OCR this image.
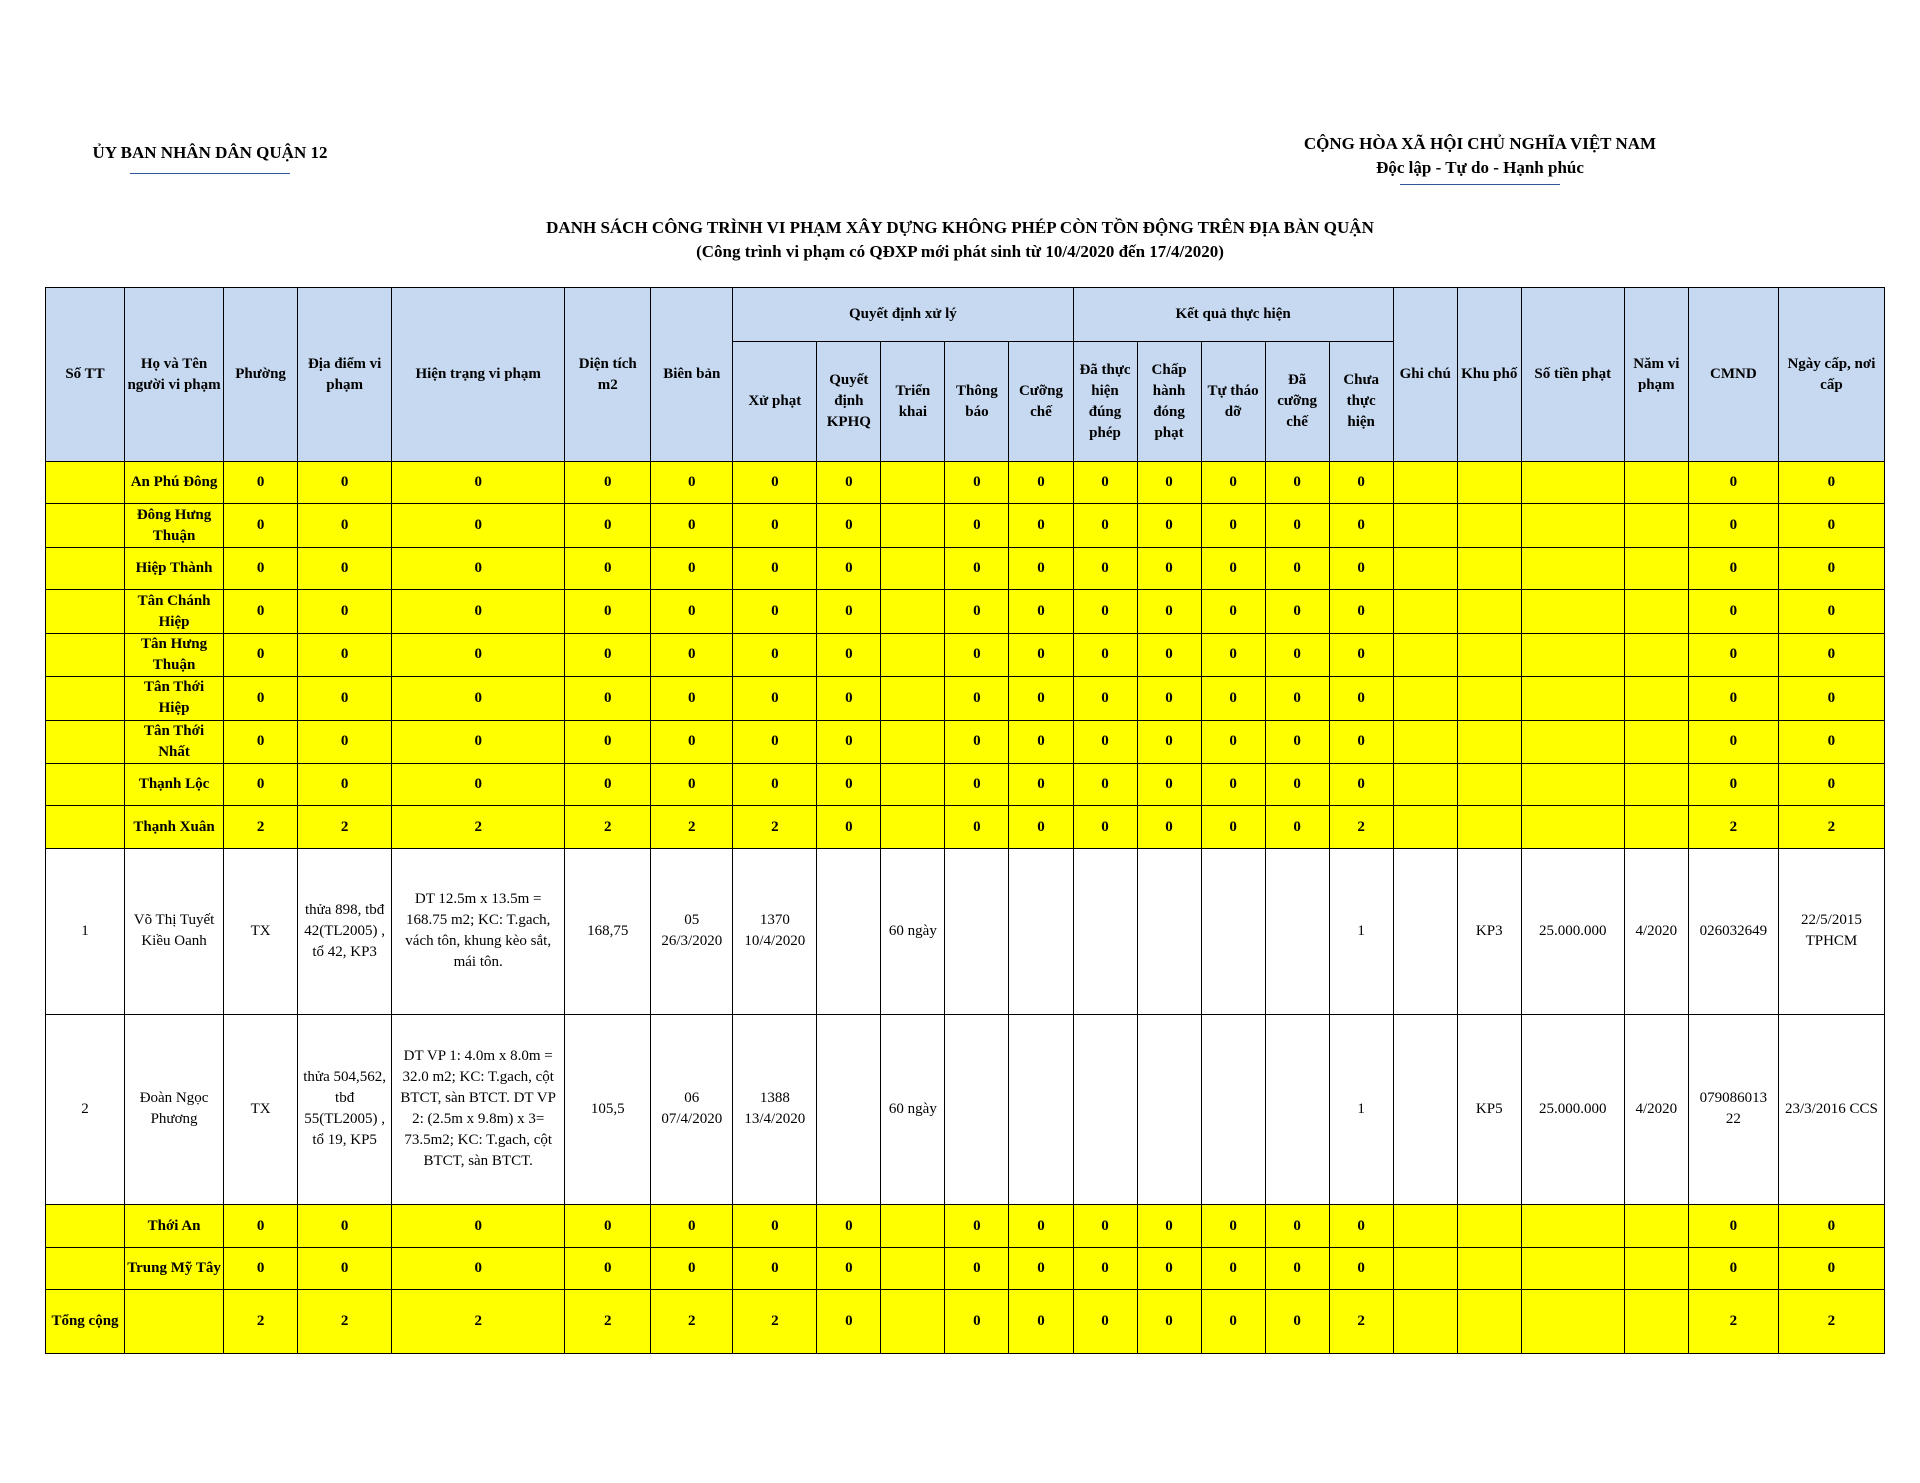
ỦY BAN NHÂN DÂN QUẬN 12	CỘNG HÒA XÃ HỘI CHỦ NGHĨA VIỆT NAM
Độc lập - Tự do - Hạnh phúc
DANH SÁCH CÔNG TRÌNH VI PHẠM XÂY DỰNG KHÔNG PHÉP CÒN TỒN ĐỘNG TRÊN ĐỊA BÀN QUẬN
(Công trình vi phạm có QĐXP mới phát sinh từ 10/4/2020 đến 17/4/2020)
Số TT	Họ và Tên người vi phạm	Phường	Địa điểm vi phạm	Hiện trạng vi phạm	Diện tích m2	Biên bản	Quyết định xử lý					Kết quả thực hiện					Ghi chú	Khu phố	Số tiền phạt	Năm vi phạm	CMND	Ngày cấp, nơi cấp
							Xử phạt	Quyết định KPHQ	Triển khai	Thông báo	Cưỡng chế	Đã thực hiện đúng phép	Chấp hành đóng phạt	Tự tháo dỡ	Đã cưỡng chế	Chưa thực hiện						
	An Phú Đông	0	0	0	0	0	0	0		0	0	0	0	0	0	0					0	0
	Đông Hưng Thuận	0	0	0	0	0	0	0		0	0	0	0	0	0	0					0	0
	Hiệp Thành	0	0	0	0	0	0	0		0	0	0	0	0	0	0					0	0
	Tân Chánh Hiệp	0	0	0	0	0	0	0		0	0	0	0	0	0	0					0	0
	Tân Hưng Thuận	0	0	0	0	0	0	0		0	0	0	0	0	0	0					0	0
	Tân Thới Hiệp	0	0	0	0	0	0	0		0	0	0	0	0	0	0					0	0
	Tân Thới Nhất	0	0	0	0	0	0	0		0	0	0	0	0	0	0					0	0
	Thạnh Lộc	0	0	0	0	0	0	0		0	0	0	0	0	0	0					0	0
	Thạnh Xuân	2	2	2	2	2	2	0		0	0	0	0	0	0	2					2	2
1	Võ Thị Tuyết Kiều Oanh	TX	thửa 898, tbđ 42(TL2005) , tổ 42, KP3	DT 12.5m x 13.5m = 168.75 m2; KC: T.gach, vách tôn, khung kèo sắt, mái tôn.	168,75	05 26/3/2020	1370 10/4/2020		60 ngày							1		KP3	25.000.000	4/2020	026032649	22/5/2015 TPHCM
2	Đoàn Ngọc Phương	TX	thửa 504,562, tbđ 55(TL2005) , tổ 19, KP5	DT VP 1: 4.0m x 8.0m = 32.0 m2; KC: T.gach, cột BTCT, sàn BTCT. DT VP 2: (2.5m x 9.8m) x 3= 73.5m2; KC: T.gach, cột BTCT, sàn BTCT.	105,5	06 07/4/2020	1388 13/4/2020		60 ngày							1		KP5	25.000.000	4/2020	079086013 22	23/3/2016 CCS
	Thới An	0	0	0	0	0	0	0		0	0	0	0	0	0	0					0	0
	Trung Mỹ Tây	0	0	0	0	0	0	0		0	0	0	0	0	0	0					0	0
Tổng cộng		2	2	2	2	2	2	0		0	0	0	0	0	0	2					2	2
